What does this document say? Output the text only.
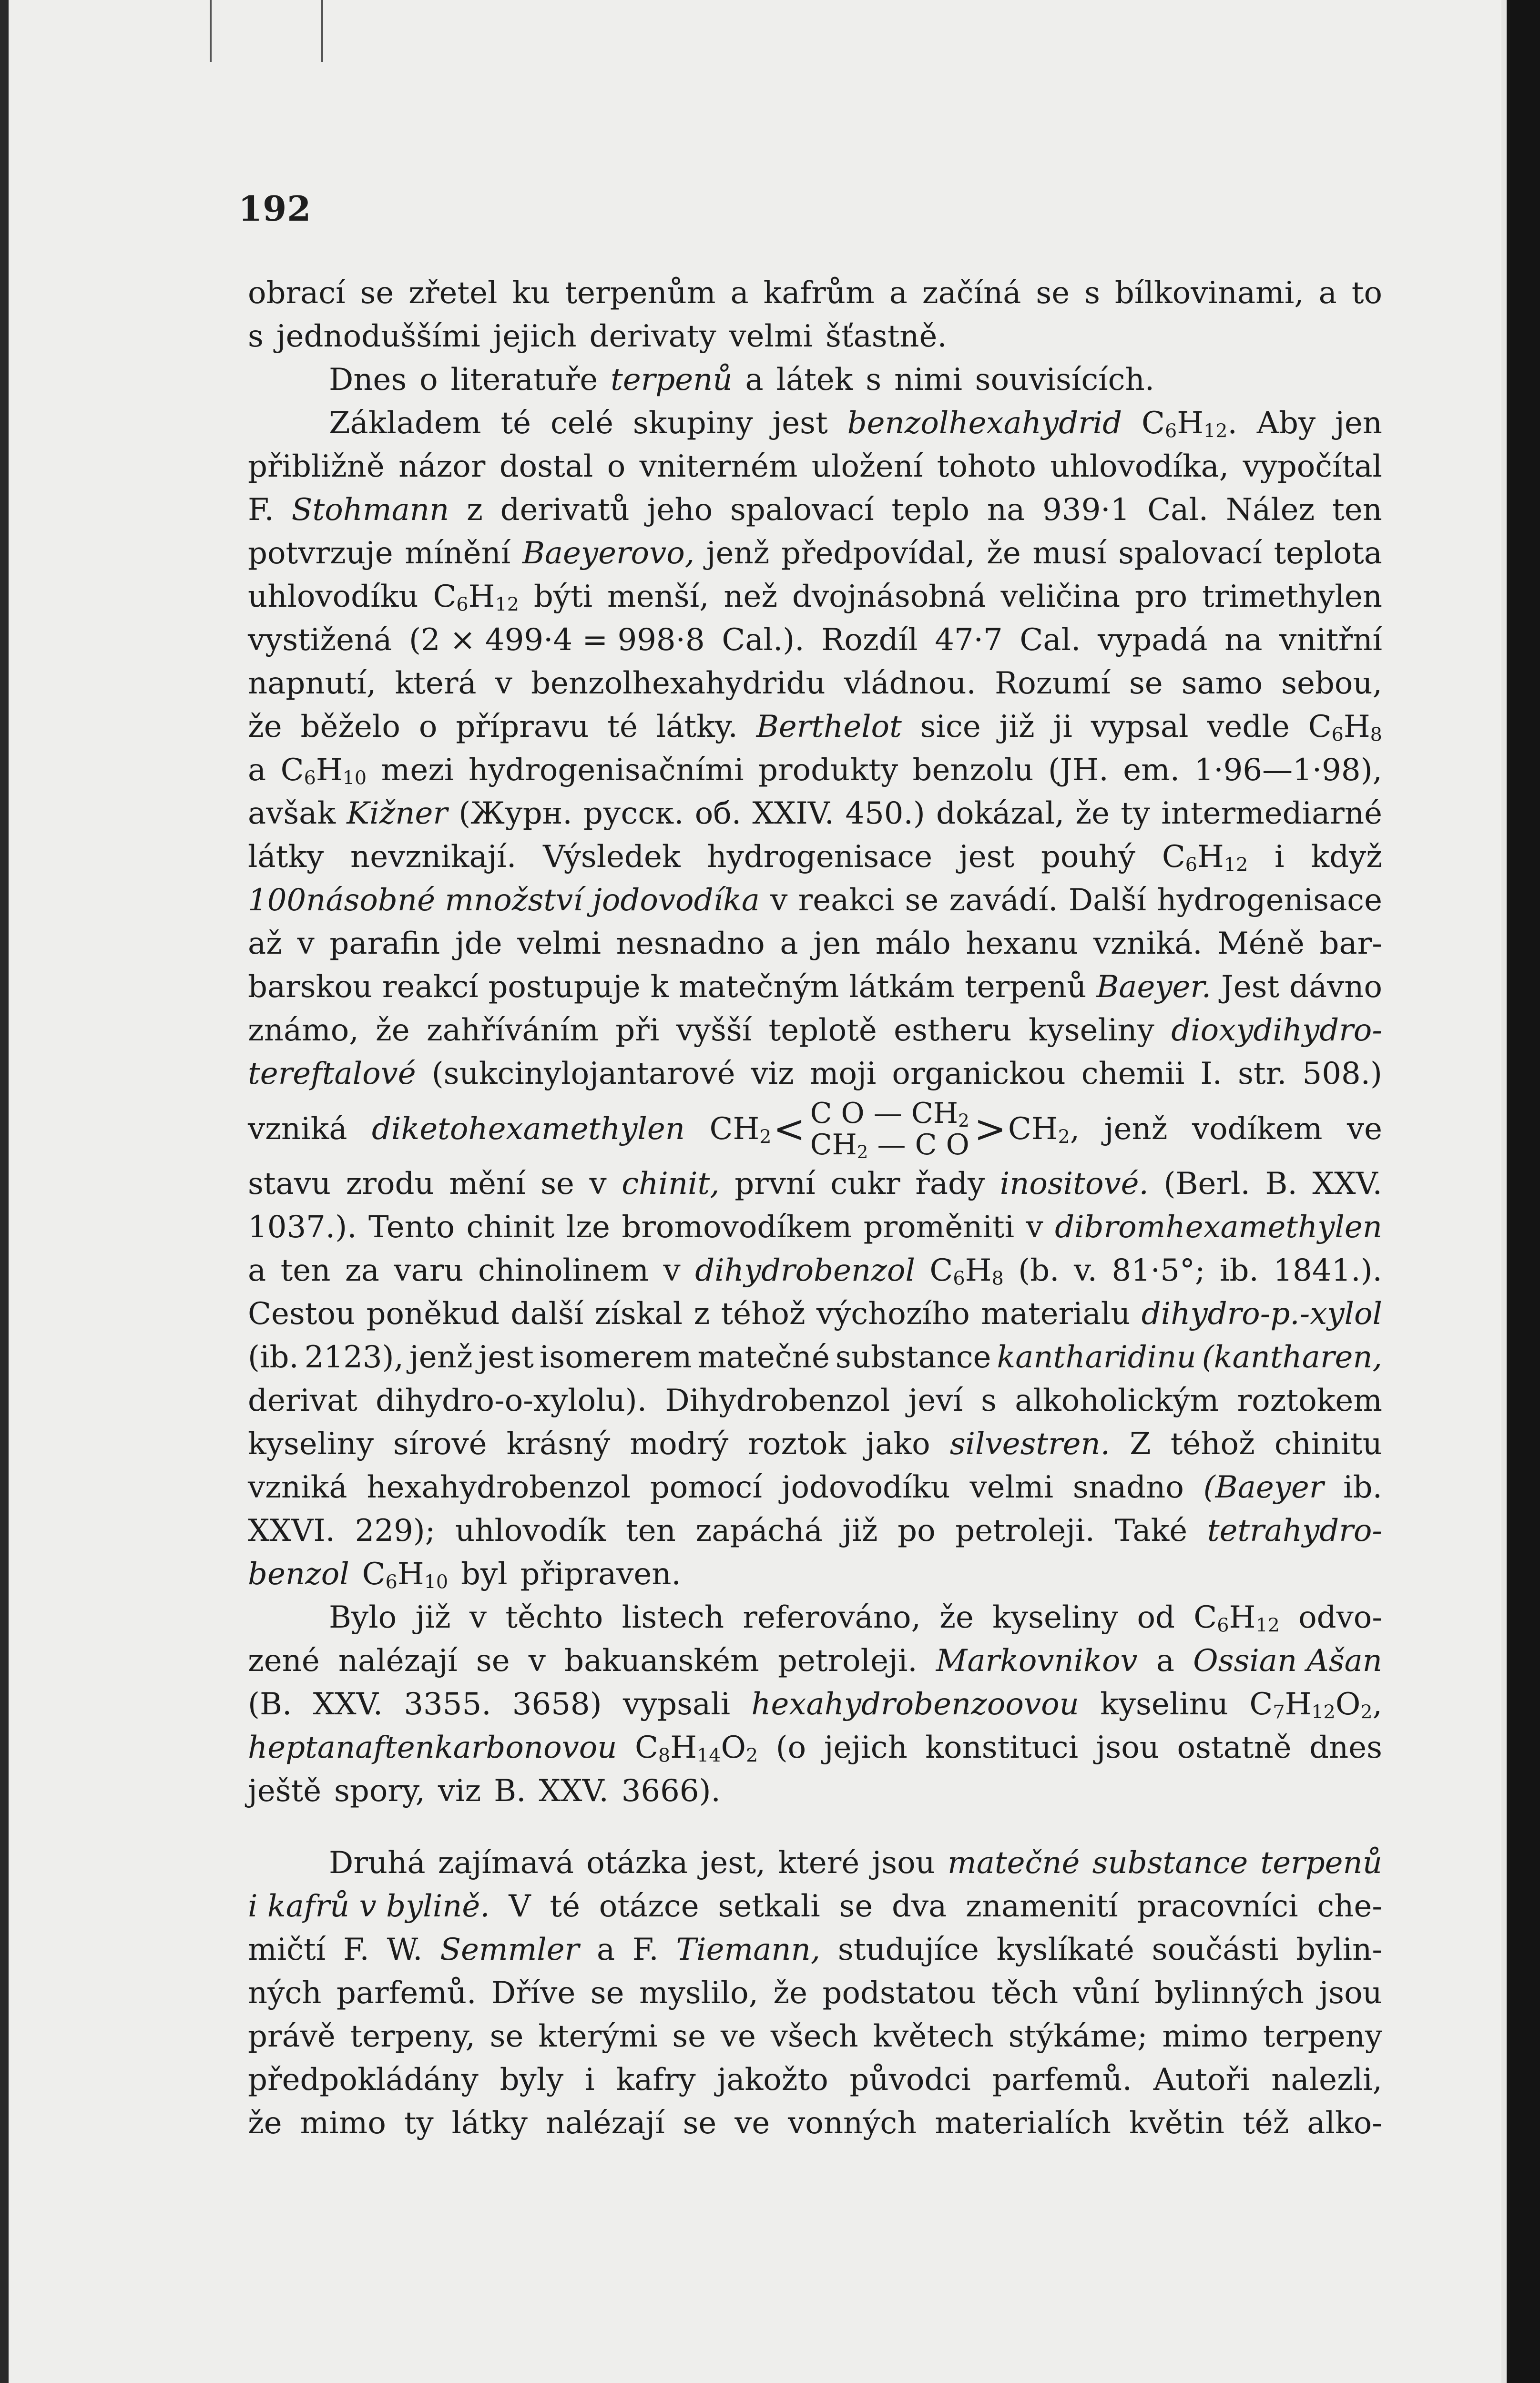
192
obrací se zřetel ku terpenům a kafrům a začíná se s bílkovinami, a to
s jednoduššími jejich derivaty velmi šťastně.
Dnes o literatuře terpenů a látek s nimi souvisících.
Základem té celé skupiny jest benzolhexahydrid $C_6H_{12}$. Aby jen
přibližně názor dostal o vniterném uložení tohoto uhlovodíka, vypočítal
F. Stohmann z derivatů jeho spalovací teplo na 939·1 Cal. Nález ten
potvrzuje mínění Baeyerovo, jenž předpovídal, že musí spalovací teplota
uhlovodíku $C_6H_{12}$ býti menší, než dvojnásobná veličina pro trimethylen
vystižená (2 × 499·4 = 998·8 Cal.). Rozdíl 47·7 Cal. vypadá na vnitřní
napnutí, která v benzolhexahydridu vládnou. Rozumí se samo sebou,
že běželo o přípravu té látky. Berthelot sice již ji vypsal vedle $C_6H_8$
a $C_6H_{10}$ mezi hydrogenisačními produkty benzolu (JH. em. 1·96—1·98),
avšak Kižner (Журн. русск. об. XXIV. 450.) dokázal, že ty intermediarné
látky nevznikají. Výsledek hydrogenisace jest pouhý $C_6H_{12}$ i když
100násobné množství jodovodíka v reakci se zavádí. Další hydrogenisace
až v parafin jde velmi nesnadno a jen málo hexanu vzniká. Méně bar-
barskou reakcí postupuje k matečným látkám terpenů Baeyer. Jest dávno
známo, že zahříváním při vyšší teplotě estheru kyseliny dioxydihydro-
tereftalové (sukcinylojantarové viz moji organickou chemii I. str. 508.)
vzniká diketohexamethylen $CH_2 < C$ O — $CH_2$
$CH_2$ — C $O > CH_2$, jenž vodíkem ve
stavu zrodu mění se v chinit, první cukr řady inositové. (Berl. B. XXV.
1037.). Tento chinit lze bromovodíkem proměniti v dibromhexamethylen
a ten za varu chinolinem v dihydrobenzol $C_6H_8$ (b. v. 81·5°; ib. 1841.).
Cestou poněkud další získal z téhož výchozího materialu dihydro-p.-xylol
(ib. 2123), jenž jest isomerem matečné substance kantharidinu (kantharen,
derivat dihydro-o-xylolu). Dihydrobenzol jeví s alkoholickým roztokem
kyseliny sírové krásný modrý roztok jako silvestren. Z téhož chinitu
vzniká hexahydrobenzol pomocí jodovodíku velmi snadno (Baeyer ib.
XXVI. 229); uhlovodík ten zapáchá již po petroleji. Také tetrahydro-
benzol $C_6H_{10}$ byl připraven.
Bylo již v těchto listech referováno, že kyseliny od $C_6H_{12}$ odvo-
zené nalézají se v bakuanském petroleji. Markovnikov a Ossian Ašan
(B. XXV. 3355. 3658) vypsali hexahydrobenzoovou kyselinu $C_7H_{12}O_2$,
heptanaftenkarbonovou $C_8H_{14}O_2$ (o jejich konstituci jsou ostatně dnes
ještě spory, viz B. XXV. 3666).
Druhá zajímavá otázka jest, které jsou matečné substance terpenů
i kafrů v bylině. V té otázce setkali se dva znamenití pracovníci che-
mičtí F. W. Semmler a F. Tiemann, studujíce kyslíkaté součásti bylin-
ných parfemů. Dříve se myslilo, že podstatou těch vůní bylinných jsou
právě terpeny, se kterými se ve všech květech stýkáme; mimo terpeny
předpokládány byly i kafry jakožto původci parfemů. Autoři nalezli,
že mimo ty látky nalézají se ve vonných materialích květin též alko-
